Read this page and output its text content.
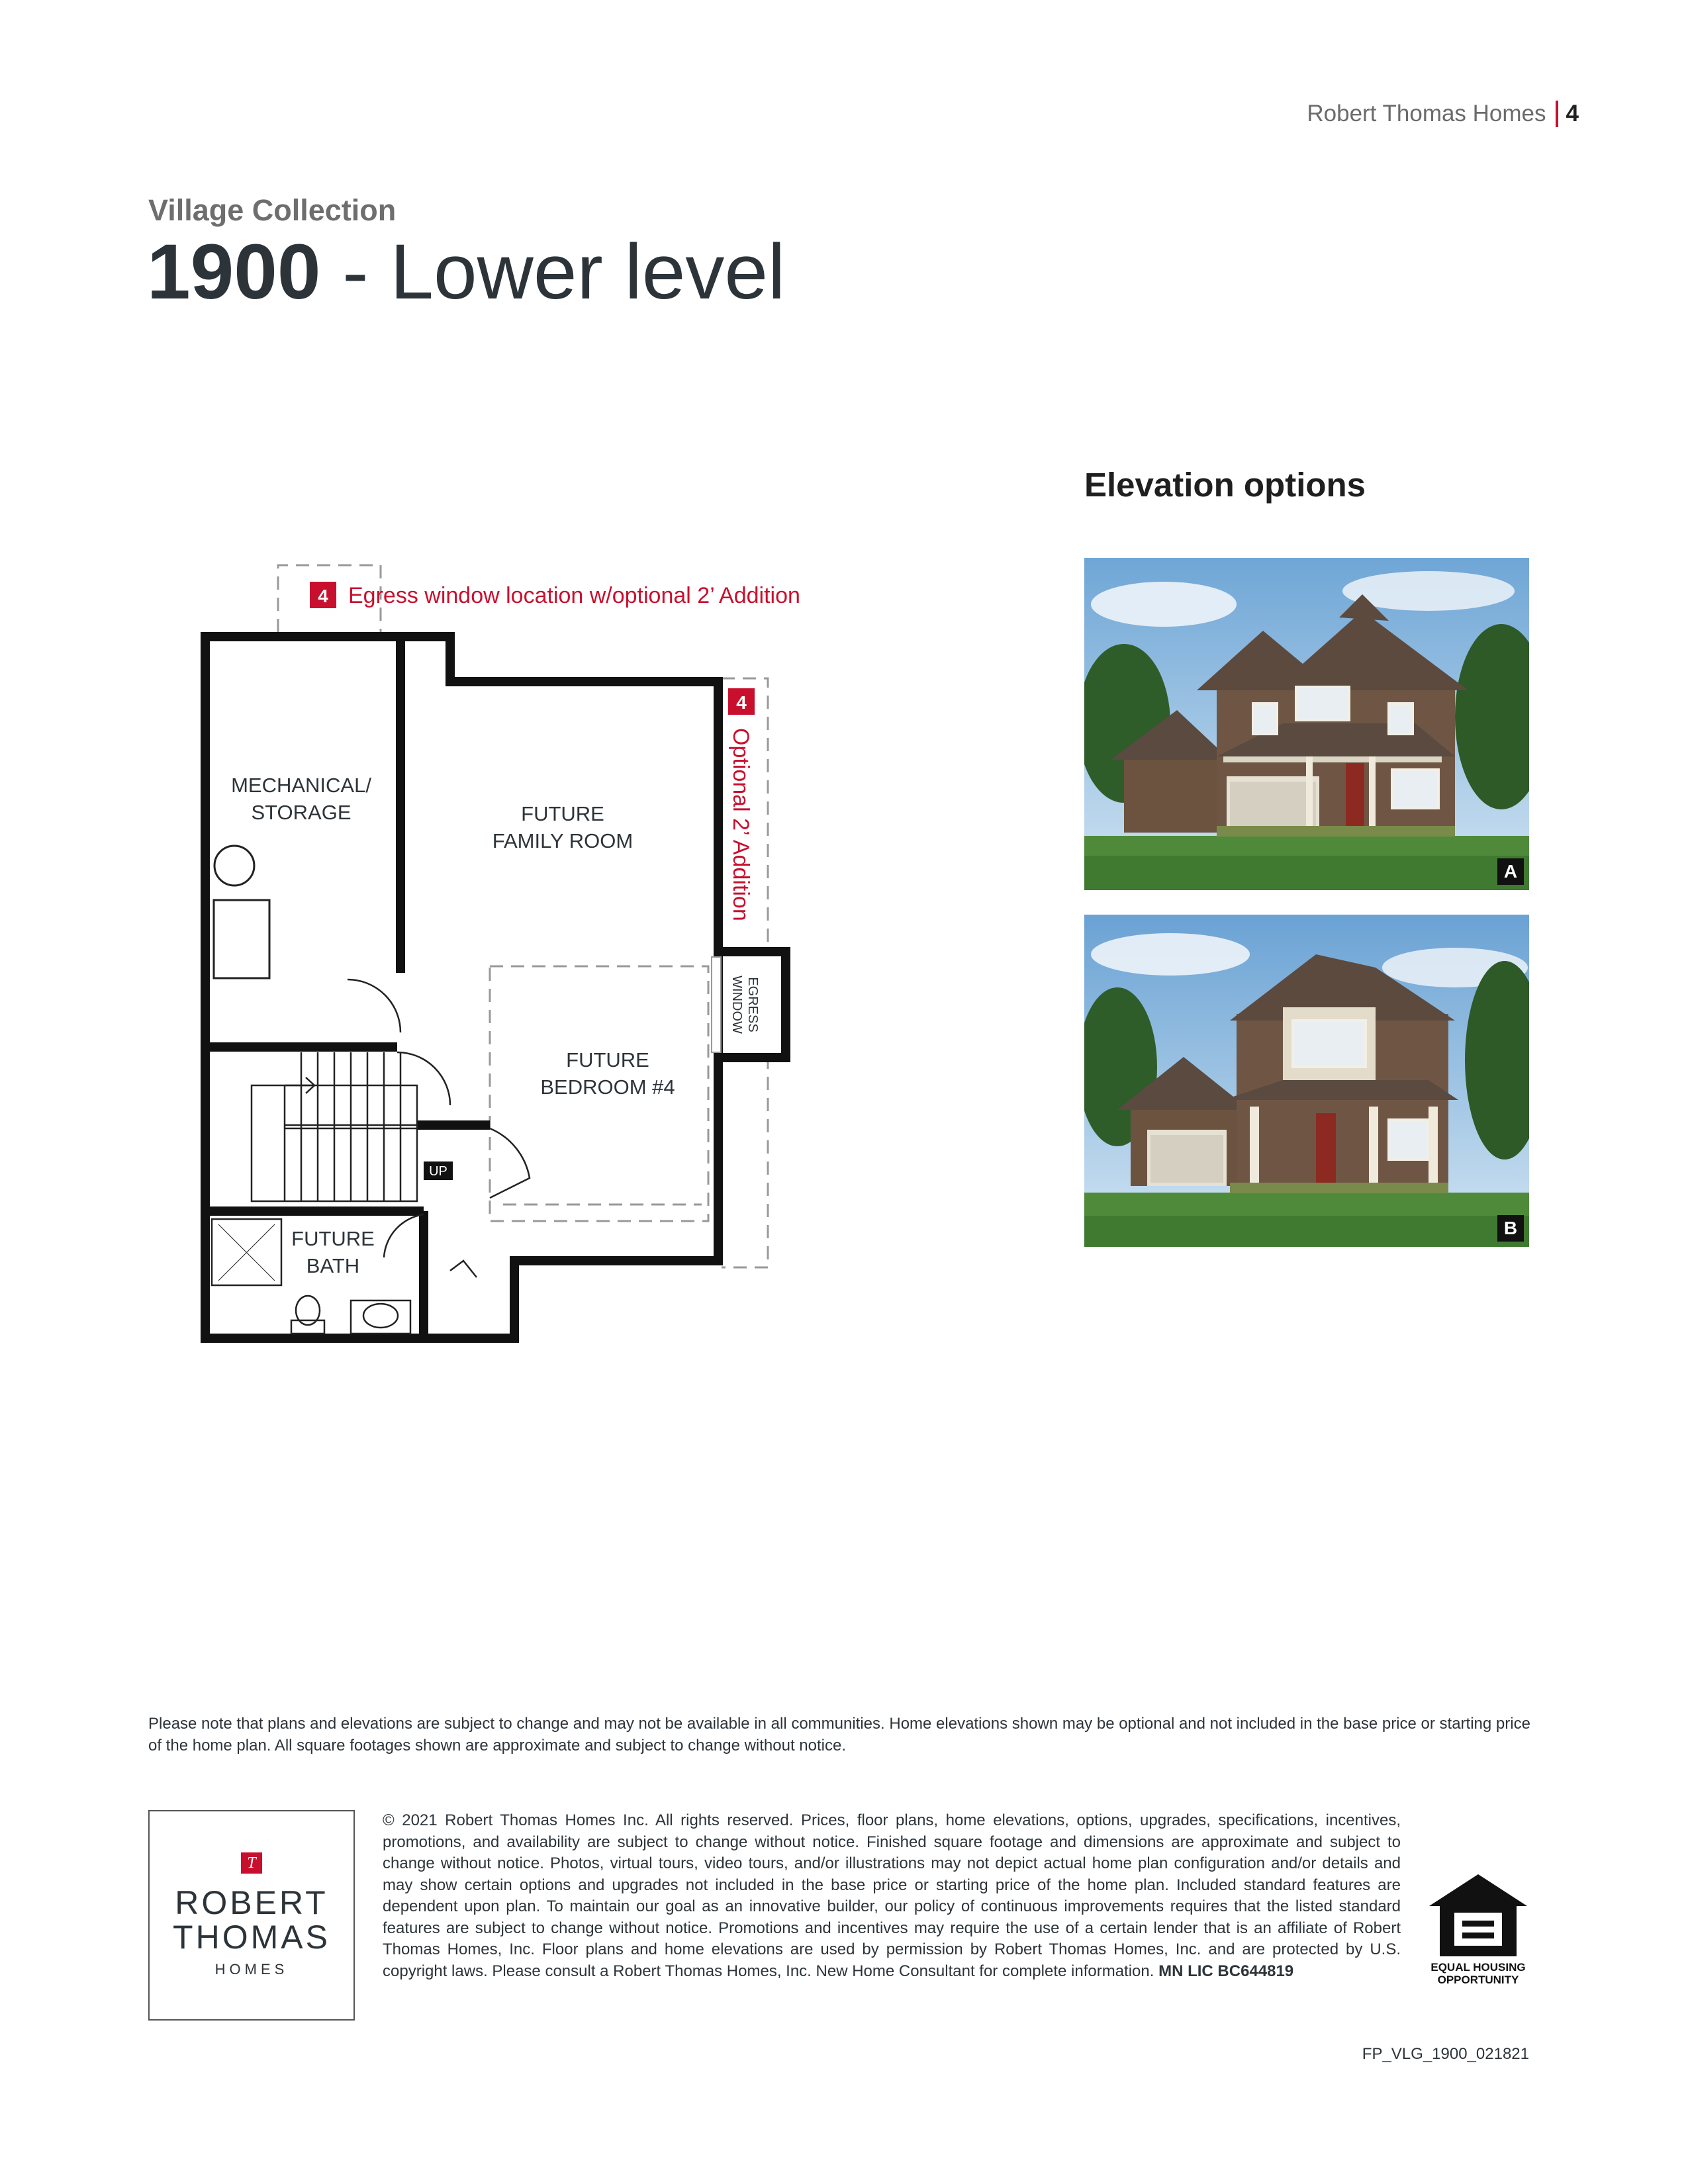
Robert Thomas Homes 4
Village Collection
1900 - Lower level
Elevation options
A
B
UP
MECHANICAL/
STORAGE	FUTURE
FAMILY ROOM
FUTURE
BEDROOM #4
FUTURE
BATH
EGRESS
WINDOW
4 Egress window location w/optional 2’ Addition
4
Optional 2’ Addition
Please note that plans and elevations are subject to change and may not be available in all communities. Home elevations shown may be optional and not included in the base price or starting price of the home plan. All square footages shown are approximate and subject to change without notice.
T
ROBERT
THOMAS
HOMES
© 2021 Robert Thomas Homes Inc. All rights reserved. Prices, floor plans, home elevations, options, upgrades, specifications, incentives, promotions, and availability are subject to change without notice. Finished square footage and dimensions are approximate and subject to change without notice. Photos, virtual tours, video tours, and/or illustrations may not depict actual home plan configuration and/or details and may show certain options and upgrades not included in the base price or starting price of the home plan. Included standard features are dependent upon plan. To maintain our goal as an innovative builder, our policy of continuous improvements requires that the listed standard features are subject to change without notice. Promotions and incentives may require the use of a certain lender that is an affiliate of Robert Thomas Homes, Inc. Floor plans and home elevations are used by permission by Robert Thomas Homes, Inc. and are protected by U.S. copyright laws. Please consult a Robert Thomas Homes, Inc. New Home Consultant for complete information. MN LIC BC644819	EQUAL HOUSING
OPPORTUNITY
FP_VLG_1900_021821
